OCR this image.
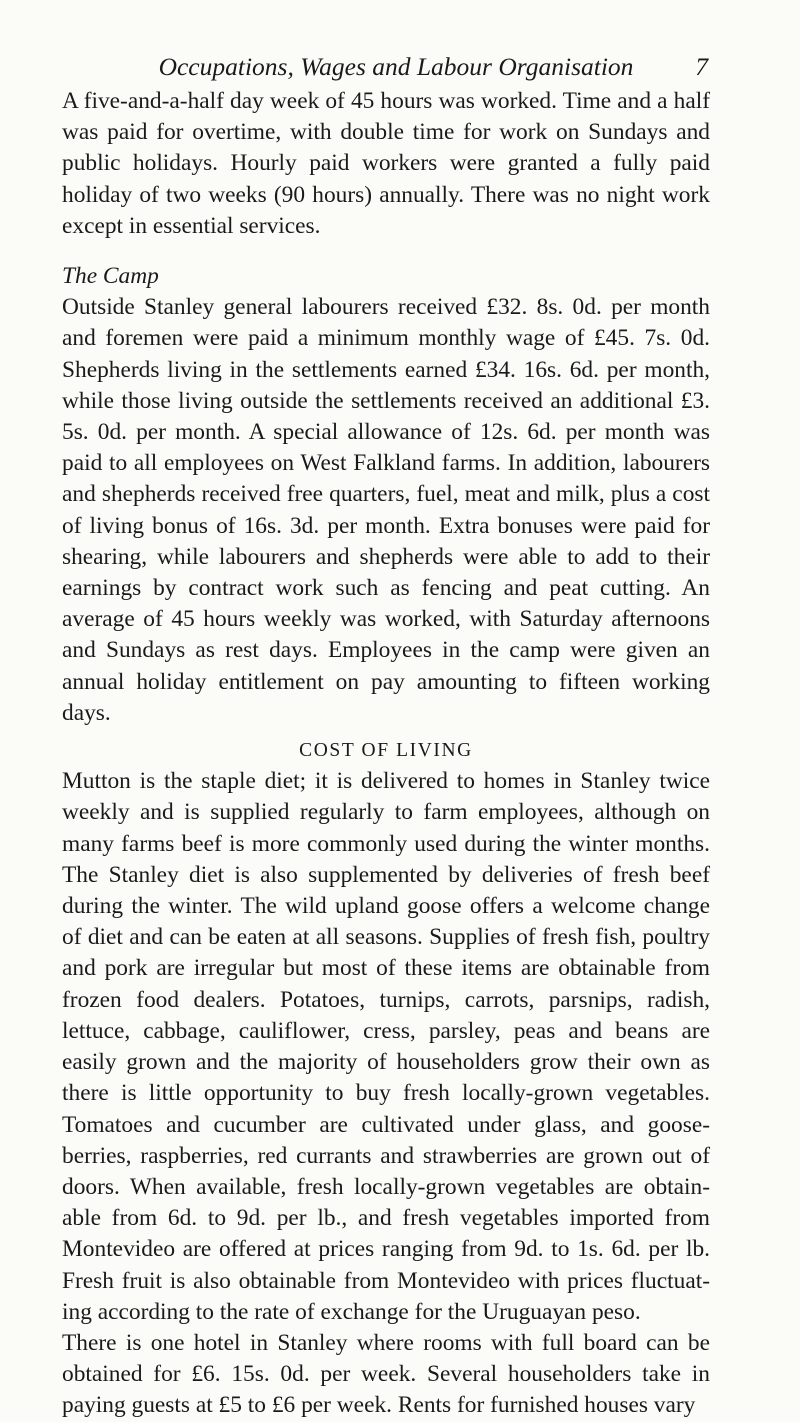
Occupations, Wages and Labour Organisation 7

A five-and-a-half day week of 45 hours was worked. Time and a half was paid for overtime, with double time for work on Sundays and public holidays. Hourly paid workers were granted a fully paid holiday of two weeks (90 hours) annually. There was no night work except in essential services.

The Camp

Outside Stanley general labourers received £32. 8s. 0d. per month and foremen were paid a minimum monthly wage of £45. 7s. 0d. Shepherds living in the settlements earned £34. 16s. 6d. per month, while those living outside the settlements received an additional £3. 5s. 0d. per month. A special allowance of 12s. 6d. per month was paid to all employees on West Falkland farms. In addition, labourers and shepherds received free quarters, fuel, meat and milk, plus a cost of living bonus of 16s. 3d. per month. Extra bonuses were paid for shearing, while labourers and shepherds were able to add to their earnings by contract work such as fencing and peat cutting. An average of 45 hours weekly was worked, with Saturday afternoons and Sundays as rest days. Employees in the camp were given an annual holiday entitlement on pay amounting to fifteen working days.

COST OF LIVING

Mutton is the staple diet; it is delivered to homes in Stanley twice weekly and is supplied regularly to farm employees, although on many farms beef is more commonly used during the winter months. The Stanley diet is also supplemented by deliveries of fresh beef during the winter. The wild upland goose offers a welcome change of diet and can be eaten at all seasons. Supplies of fresh fish, poultry and pork are irregular but most of these items are obtainable from frozen food dealers. Potatoes, turnips, carrots, parsnips, radish, lettuce, cabbage, cauliflower, cress, parsley, peas and beans are easily grown and the majority of householders grow their own as there is little opportunity to buy fresh locally-grown vegetables. Tomatoes and cucumber are cultivated under glass, and goose-berries, raspberries, red currants and strawberries are grown out of doors. When available, fresh locally-grown vegetables are obtain-able from 6d. to 9d. per lb., and fresh vegetables imported from Montevideo are offered at prices ranging from 9d. to 1s. 6d. per lb. Fresh fruit is also obtainable from Montevideo with prices fluctuat-ing according to the rate of exchange for the Uruguayan peso.

There is one hotel in Stanley where rooms with full board can be obtained for £6. 15s. 0d. per week. Several householders take in paying guests at £5 to £6 per week. Rents for furnished houses vary
